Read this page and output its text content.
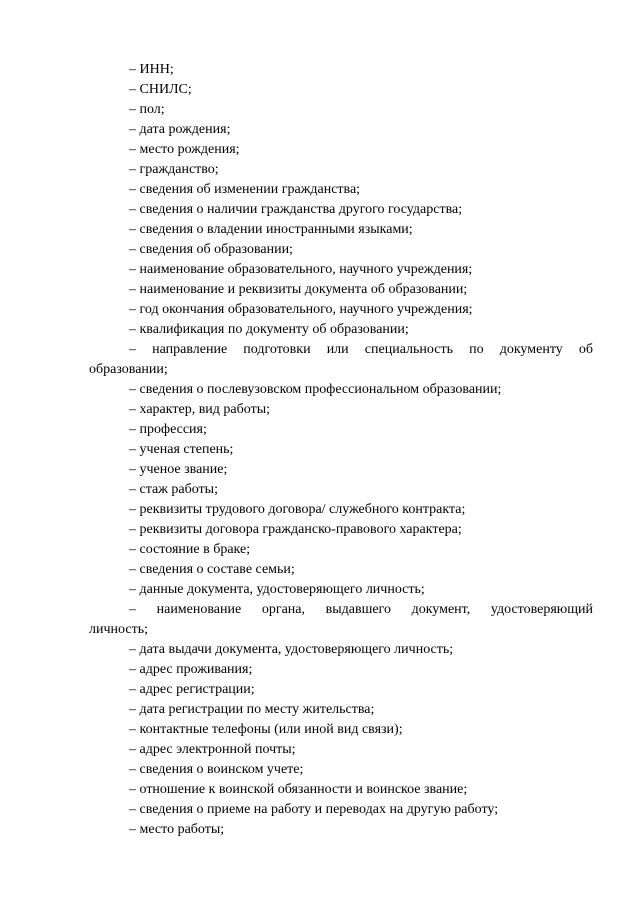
– ИНН;

– СНИЛС;

– пол;

– дата рождения;

– место рождения;

– гражданство;

– сведения об изменении гражданства;

– сведения о наличии гражданства другого государства;

– сведения о владении иностранными языками;

– сведения об образовании;

– наименование образовательного, научного учреждения;

– наименование и реквизиты документа об образовании;

– год окончания образовательного, научного учреждения;

– квалификация по документу об образовании;

– направление подготовки или специальность по документу об
образовании;

– сведения о послевузовском профессиональном образовании;

– характер, вид работы;

– профессия;

– ученая степень;

– ученое звание;

– стаж работы;

– реквизиты трудового договора/ служебного контракта;

– реквизиты договора гражданско-правового характера;

– состояние в браке;

– сведения о составе семьи;

– данные документа, удостоверяющего личность;

– наименование органа, выдавшего документ, удостоверяющий
личность;

– дата выдачи документа, удостоверяющего личность;

– адрес проживания;

– адрес регистрации;

– дата регистрации по месту жительства;

– контактные телефоны (или иной вид связи);

– адрес электронной почты;

– сведения о воинском учете;

– отношение к воинской обязанности и воинское звание;

– сведения о приеме на работу и переводах на другую работу;

– место работы;
